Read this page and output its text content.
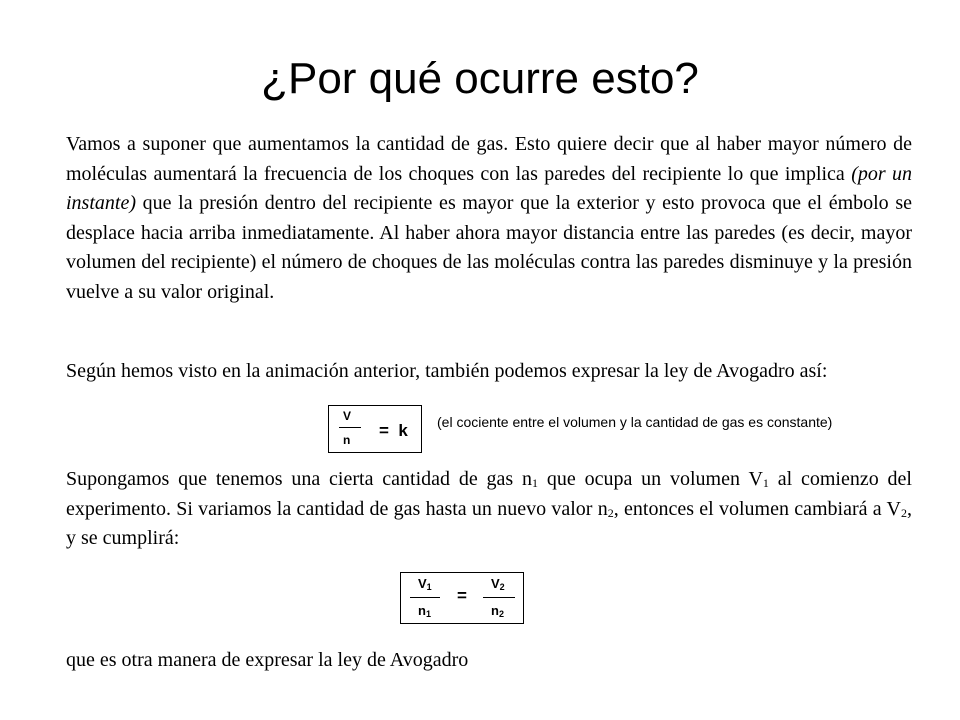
¿Por qué ocurre esto?
Vamos a suponer que aumentamos la cantidad de gas. Esto quiere decir que al haber mayor número de moléculas aumentará la frecuencia de los choques con las paredes del recipiente lo que implica (por un instante) que la presión dentro del recipiente es mayor que la exterior y esto provoca que el émbolo se desplace hacia arriba inmediatamente. Al haber ahora mayor distancia entre las paredes (es decir, mayor volumen del recipiente) el número de choques de las moléculas contra las paredes disminuye y la presión vuelve a su valor original.
Según hemos visto en la animación anterior, también podemos expresar la ley de Avogadro así:
V
n = k (el cociente entre el volumen y la cantidad de gas es constante)
Supongamos que tenemos una cierta cantidad de gas $n_1$ que ocupa un volumen $V_1$ al comienzo del experimento. Si variamos la cantidad de gas hasta un nuevo valor $n_2$, entonces el volumen cambiará a $V_2$, y se cumplirá:
$V_1$
$n_1$
=
$V_2$
$n_2$
que es otra manera de expresar la ley de Avogadro
